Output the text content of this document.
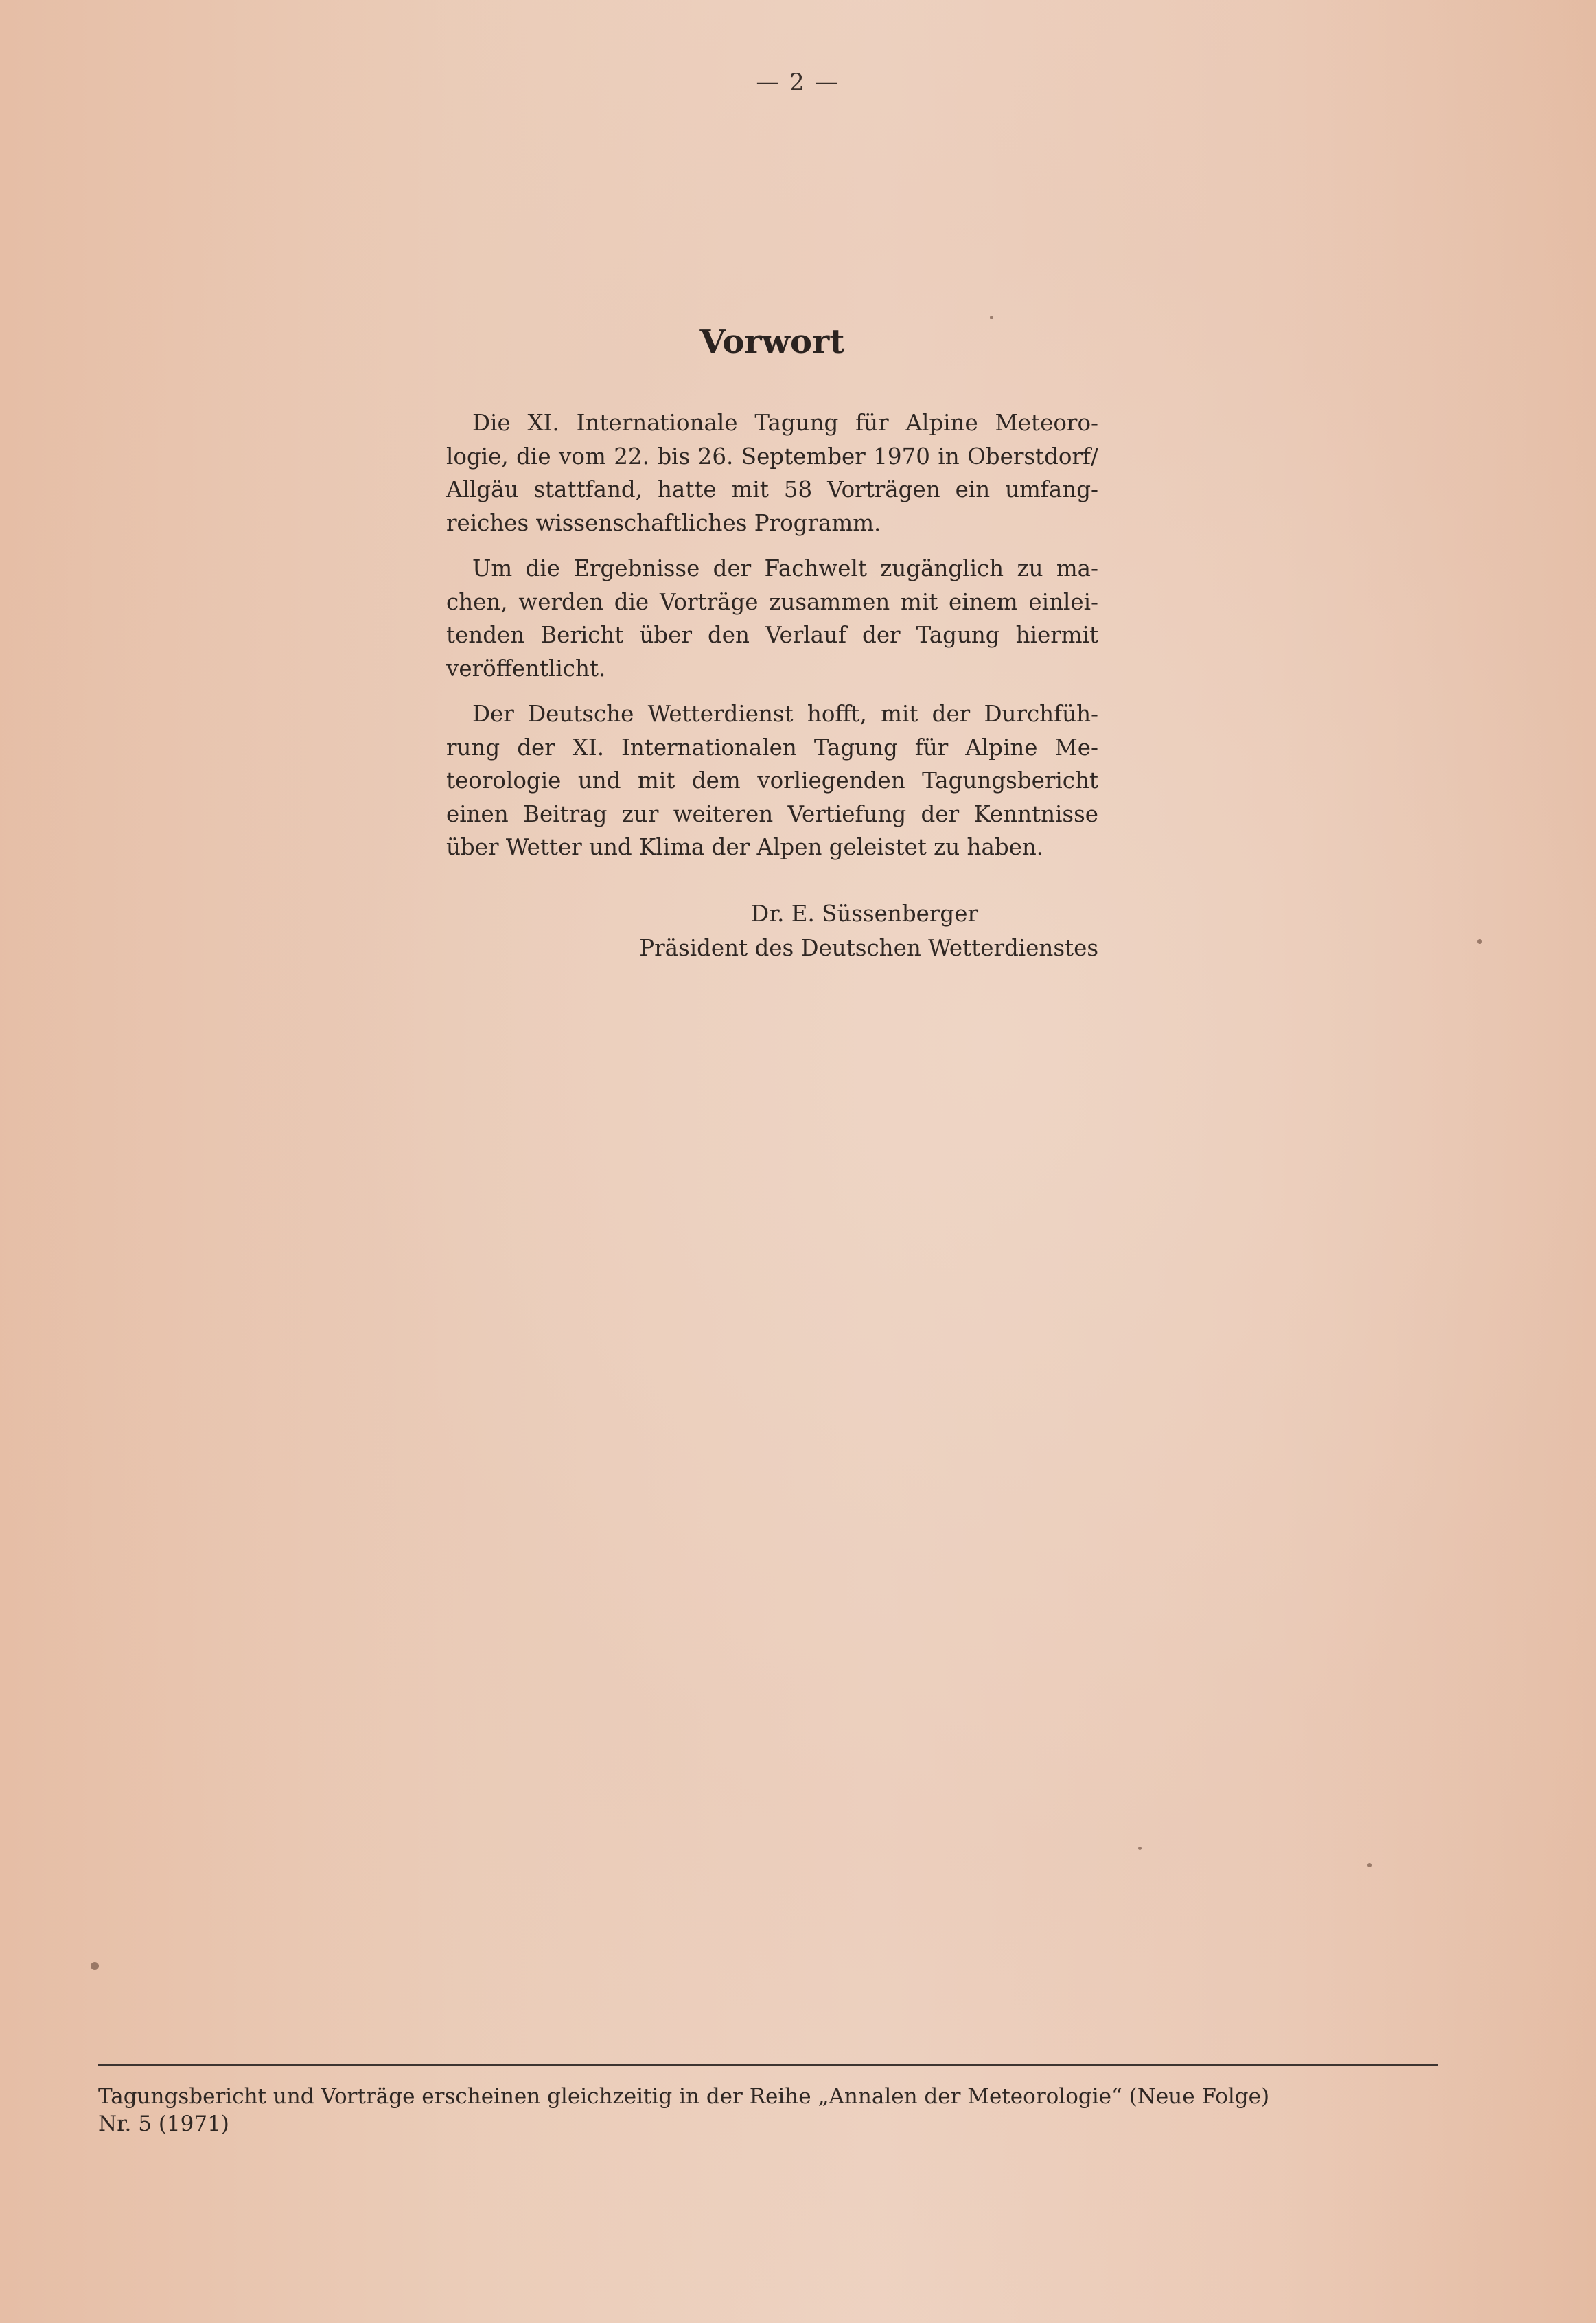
— 2 —
Vorwort

Die XI. Internationale Tagung für Alpine Meteoro-
logie, die vom 22. bis 26. September 1970 in Oberstdorf/
Allgäu stattfand, hatte mit 58 Vorträgen ein umfang-
reiches wissenschaftliches Programm.

Um die Ergebnisse der Fachwelt zugänglich zu ma-
chen, werden die Vorträge zusammen mit einem einlei-
tenden Bericht über den Verlauf der Tagung hiermit
veröffentlicht.

Der Deutsche Wetterdienst hofft, mit der Durchfüh-
rung der XI. Internationalen Tagung für Alpine Me-
teorologie und mit dem vorliegenden Tagungsbericht
einen Beitrag zur weiteren Vertiefung der Kenntnisse
über Wetter und Klima der Alpen geleistet zu haben.

Dr. E. Süssenberger
Präsident des Deutschen Wetterdienstes
Tagungsbericht und Vorträge erscheinen gleichzeitig in der Reihe „Annalen der Meteorologie“ (Neue Folge)
Nr. 5 (1971)
